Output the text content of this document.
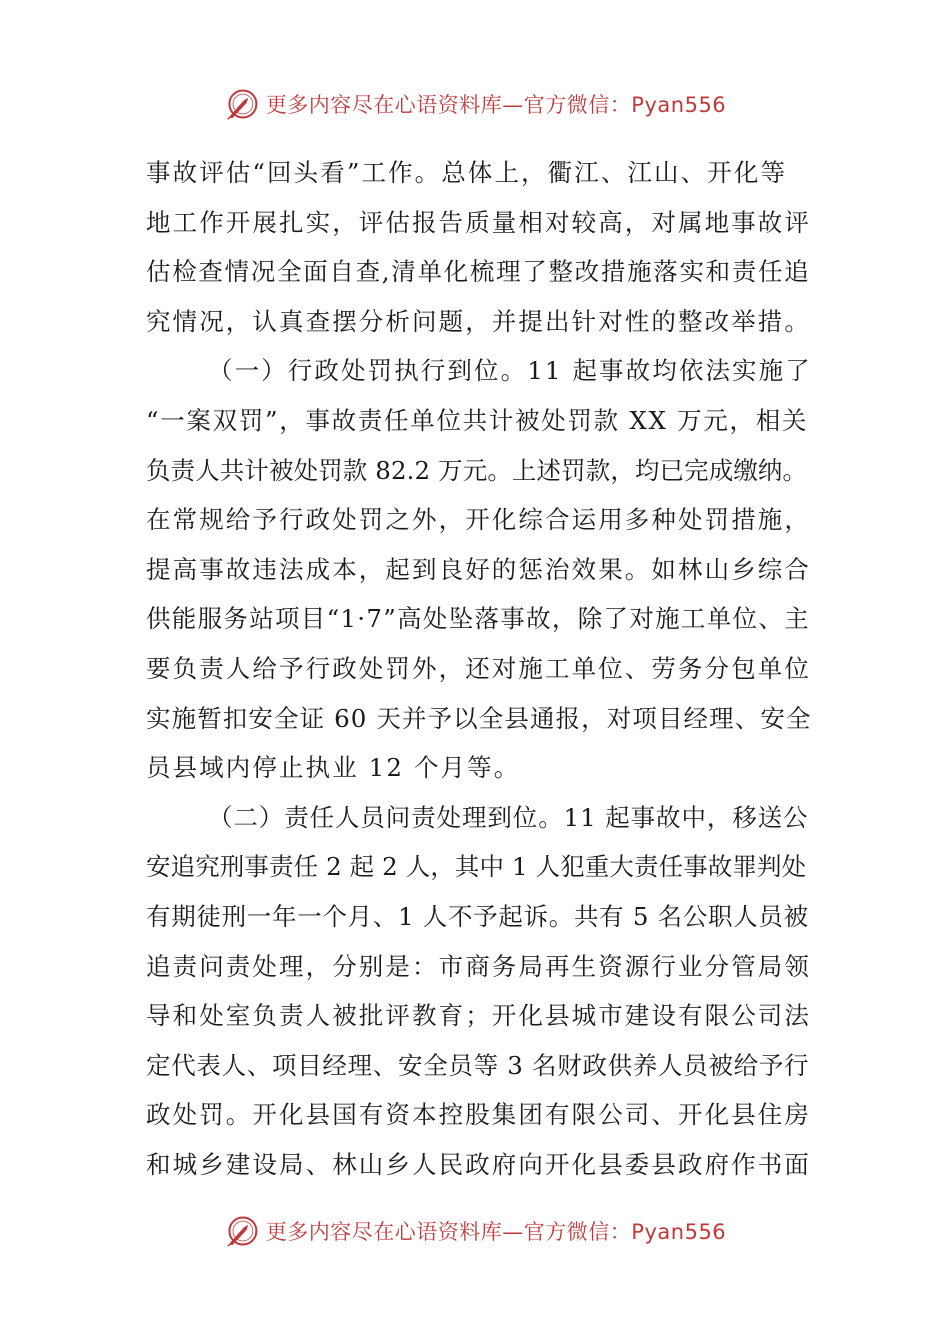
更多内容尽在心语资料库—官方微信：Pyan556
事故评估“回头看”工作。总体上，衢江、江山、开化等
地工作开展扎实，评估报告质量相对较高，对属地事故评
估检查情况全面自查,清单化梳理了整改措施落实和责任追
究情况，认真查摆分析问题，并提出针对性的整改举措。
（一）行政处罚执行到位。11 起事故均依法实施了
“一案双罚”，事故责任单位共计被处罚款 XX 万元，相关
负责人共计被处罚款 82.2 万元。上述罚款，均已完成缴纳。
在常规给予行政处罚之外，开化综合运用多种处罚措施，
提高事故违法成本，起到良好的惩治效果。如林山乡综合
供能服务站项目“1·7”高处坠落事故，除了对施工单位、主
要负责人给予行政处罚外，还对施工单位、劳务分包单位
实施暂扣安全证 60 天并予以全县通报，对项目经理、安全
员县域内停止执业 12 个月等。
（二）责任人员问责处理到位。11 起事故中，移送公
安追究刑事责任 2 起 2 人，其中 1 人犯重大责任事故罪判处
有期徒刑一年一个月、1 人不予起诉。共有 5 名公职人员被
追责问责处理，分别是：市商务局再生资源行业分管局领
导和处室负责人被批评教育；开化县城市建设有限公司法
定代表人、项目经理、安全员等 3 名财政供养人员被给予行
政处罚。开化县国有资本控股集团有限公司、开化县住房
和城乡建设局、林山乡人民政府向开化县委县政府作书面
更多内容尽在心语资料库—官方微信：Pyan556
